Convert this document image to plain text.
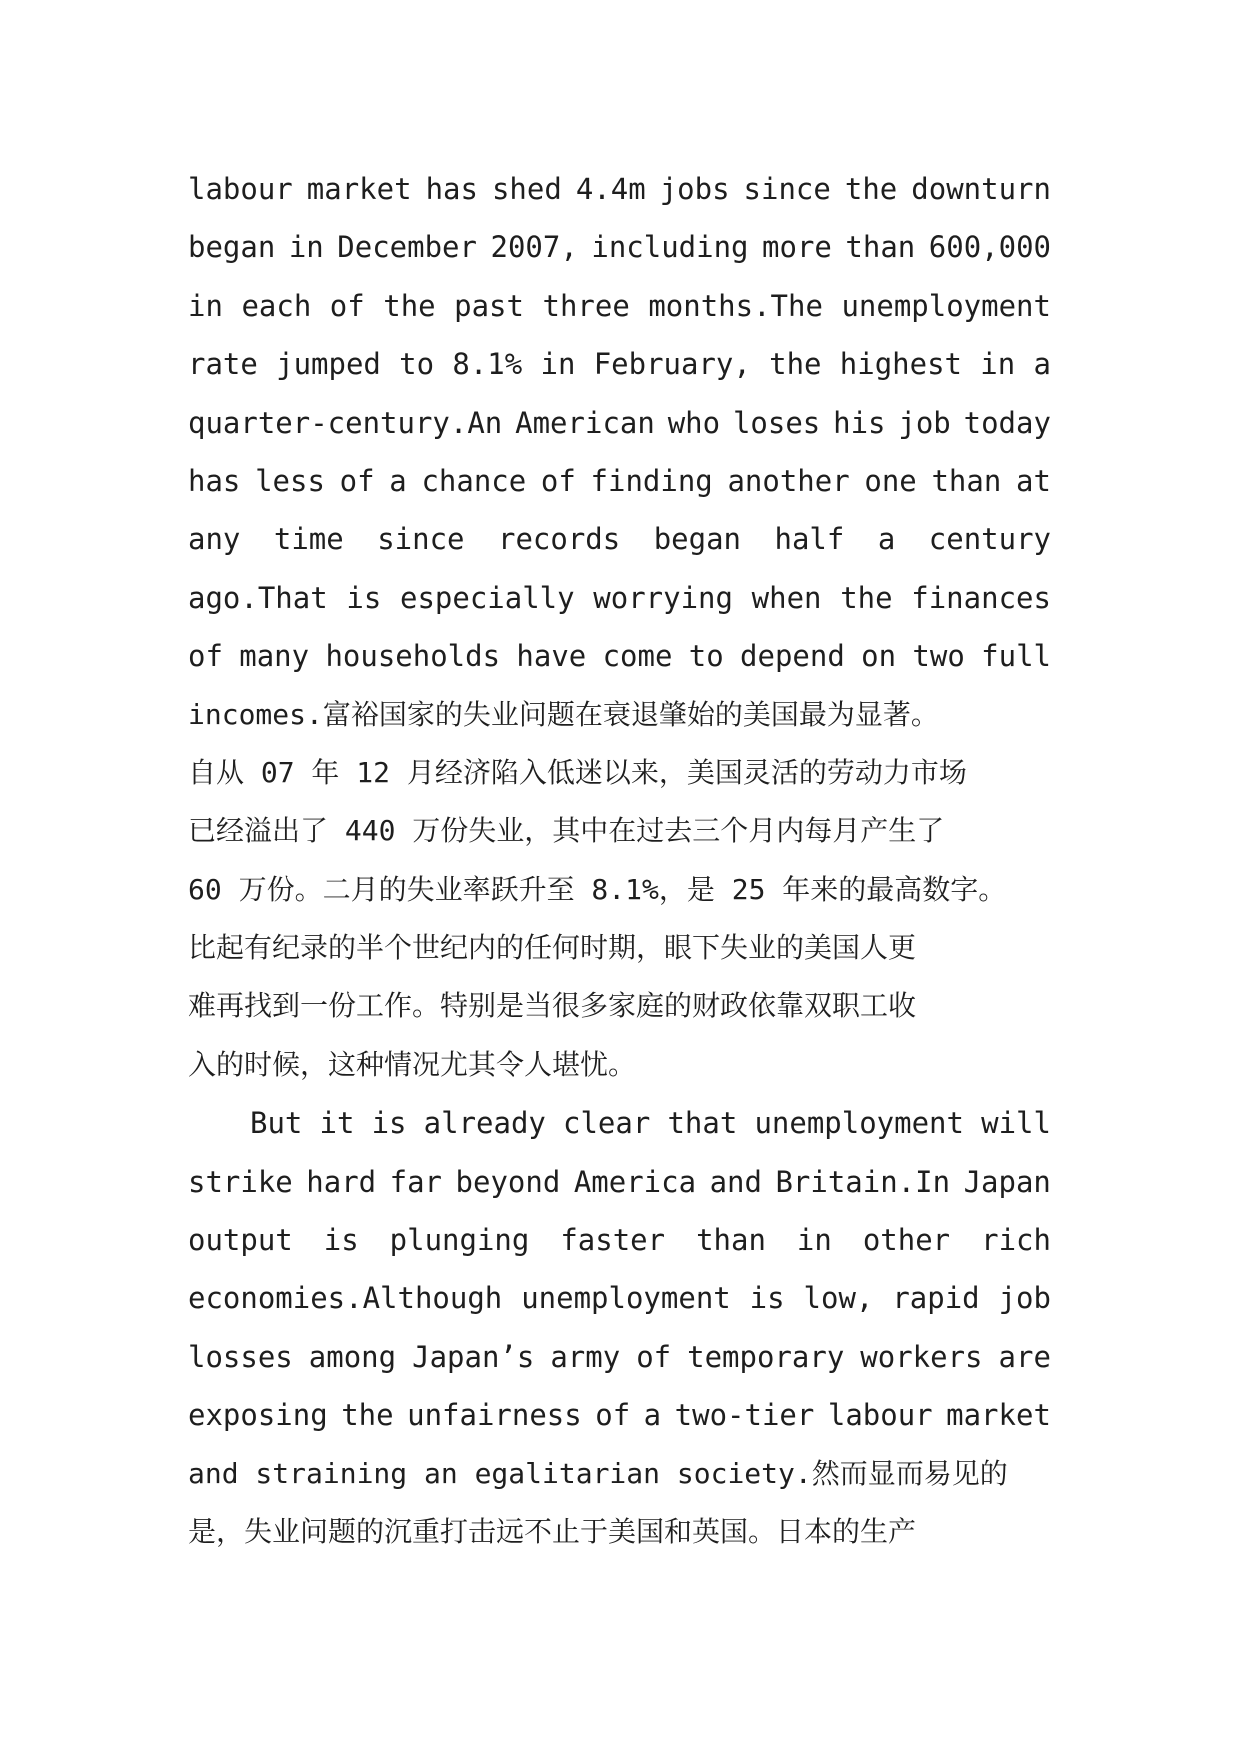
labour market has shed 4.4m jobs since the downturn
began in December 2007, including more than 600,000
in each of the past three months.The unemployment
rate jumped to 8.1% in February, the highest in a
quarter-century.An American who loses his job today
has less of a chance of finding another one than at
any time since records began half a century
ago.That is especially worrying when the finances
of many households have come to depend on two full
incomes.富裕国家的失业问题在衰退肇始的美国最为显著。
自从 07 年 12 月经济陷入低迷以来，美国灵活的劳动力市场
已经溢出了 440 万份失业，其中在过去三个月内每月产生了
60 万份。二月的失业率跃升至 8.1%，是 25 年来的最高数字。
比起有纪录的半个世纪内的任何时期，眼下失业的美国人更
难再找到一份工作。特别是当很多家庭的财政依靠双职工收
入的时候，这种情况尤其令人堪忧。
But it is already clear that unemployment will
strike hard far beyond America and Britain.In Japan
output is plunging faster than in other rich
economies.Although unemployment is low, rapid job
losses among Japan’s army of temporary workers are
exposing the unfairness of a two-tier labour market
and straining an egalitarian society.然而显而易见的
是，失业问题的沉重打击远不止于美国和英国。日本的生产
